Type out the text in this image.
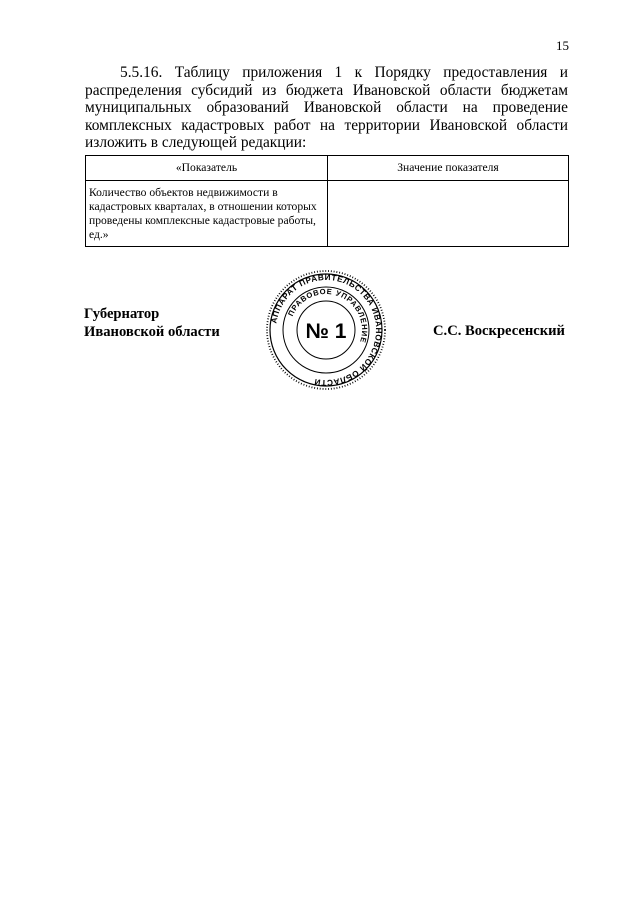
15

5.5.16. Таблицу приложения 1 к Порядку предоставления и распределения субсидий из бюджета Ивановской области бюджетам муниципальных образований Ивановской области на проведение комплексных кадастровых работ на территории Ивановской области изложить в следующей редакции:

«Показатель	Значение показателя
Количество объектов недвижимости в кадастровых кварталах, в отношении которых проведены комплексные кадастровые работы, ед.»	
Губернатор
Ивановской области	С.С. Воскресенский
АППАРАТ ПРАВИТЕЛЬСТВА ИВАНОВСКОЙ ОБЛАСТИ
ПРАВОВОЕ УПРАВЛЕНИЕ
№ 1
